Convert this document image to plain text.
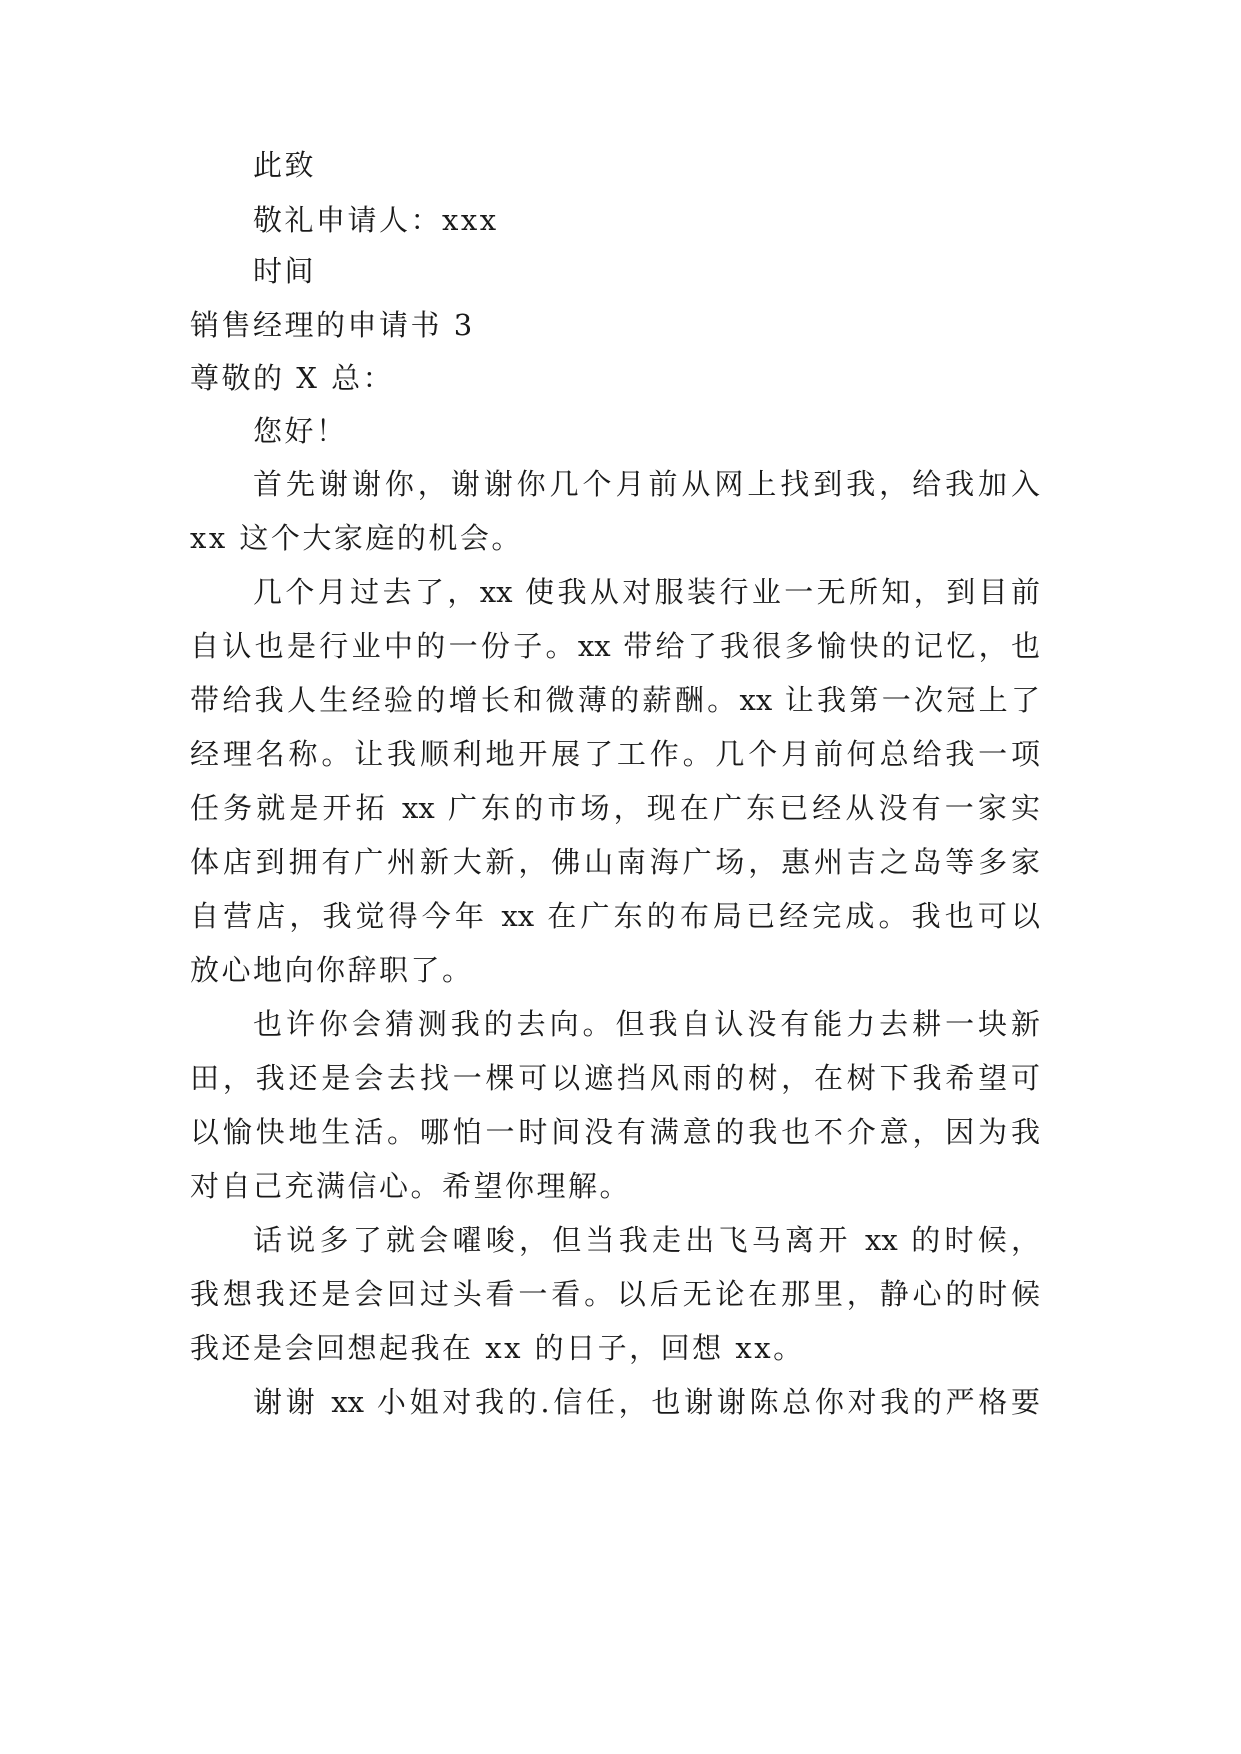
此致
敬礼申请人：xxx
时间
销售经理的申请书 3
尊敬的 X 总：
您好！
首先谢谢你，谢谢你几个月前从网上找到我，给我加入
xx 这个大家庭的机会。
几个月过去了，xx 使我从对服装行业一无所知，到目前
自认也是行业中的一份子。xx 带给了我很多愉快的记忆，也
带给我人生经验的增长和微薄的薪酬。xx 让我第一次冠上了
经理名称。让我顺利地开展了工作。几个月前何总给我一项
任务就是开拓 xx 广东的市场，现在广东已经从没有一家实
体店到拥有广州新大新，佛山南海广场，惠州吉之岛等多家
自营店，我觉得今年 xx 在广东的布局已经完成。我也可以
放心地向你辞职了。
也许你会猜测我的去向。但我自认没有能力去耕一块新
田，我还是会去找一棵可以遮挡风雨的树，在树下我希望可
以愉快地生活。哪怕一时间没有满意的我也不介意，因为我
对自己充满信心。希望你理解。
话说多了就会嚁唆，但当我走出飞马离开 xx 的时候，
我想我还是会回过头看一看。以后无论在那里，静心的时候
我还是会回想起我在 xx 的日子，回想 xx。
谢谢 xx 小姐对我的.信任，也谢谢陈总你对我的严格要
